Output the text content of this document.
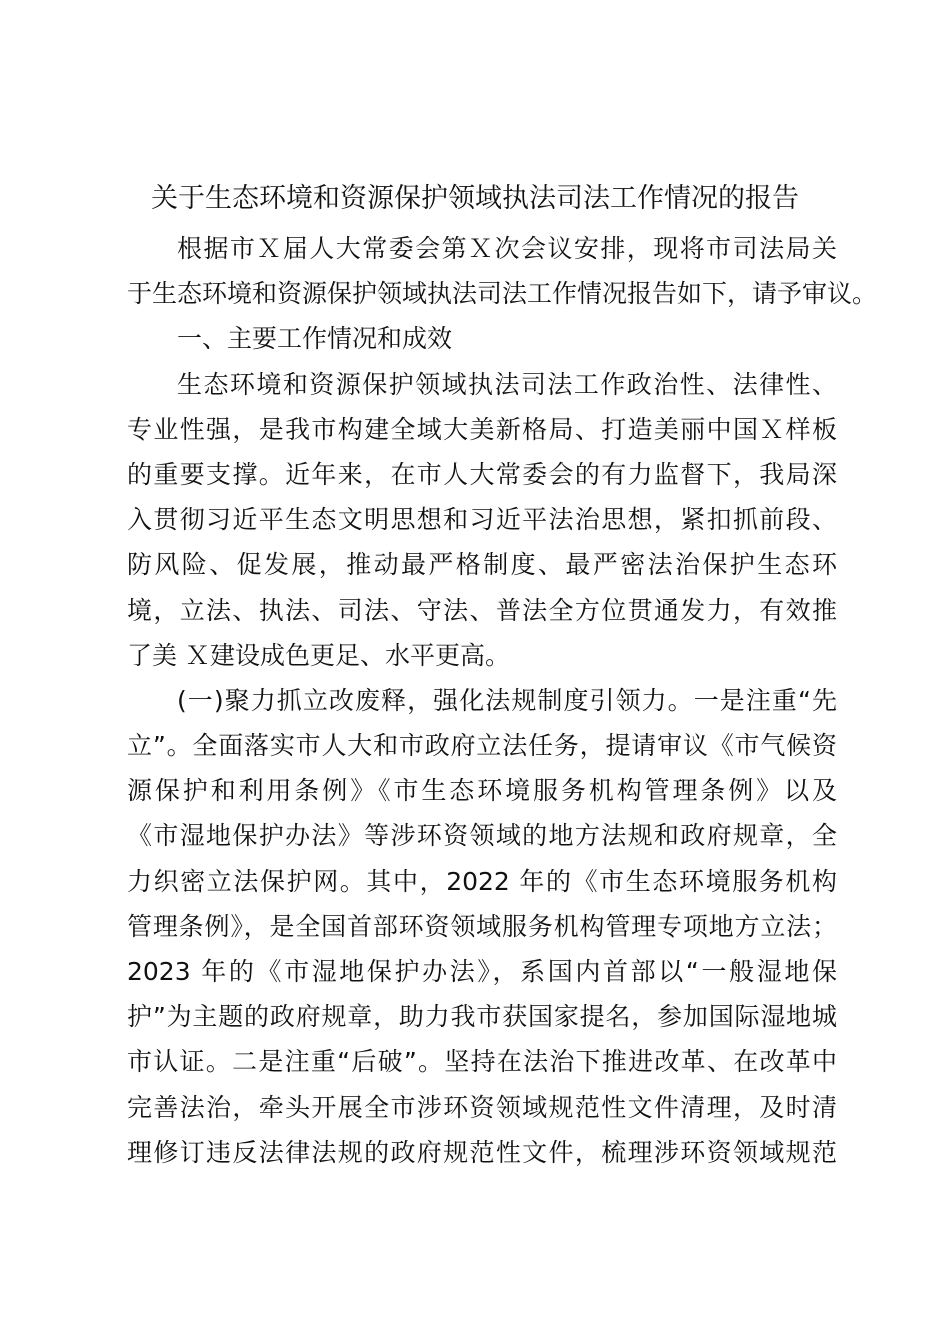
关于生态环境和资源保护领域执法司法工作情况的报告
根据市Ｘ届人大常委会第Ｘ次会议安排，现将市司法局关
于生态环境和资源保护领域执法司法工作情况报告如下，请予审议。
一、主要工作情况和成效
生态环境和资源保护领域执法司法工作政治性、法律性、
专业性强，是我市构建全域大美新格局、打造美丽中国Ｘ样板
的重要支撑。近年来，在市人大常委会的有力监督下，我局深
入贯彻习近平生态文明思想和习近平法治思想，紧扣抓前段、
防风险、促发展，推动最严格制度、最严密法治保护生态环
境，立法、执法、司法、守法、普法全方位贯通发力，有效推
了美 Ｘ建设成色更足、水平更高。
(一)聚力抓立改废释，强化法规制度引领力。一是注重“先
立”。全面落实市人大和市政府立法任务，提请审议《市气候资
源保护和利用条例》《市生态环境服务机构管理条例》以及
《市湿地保护办法》等涉环资领域的地方法规和政府规章，全
力织密立法保护网。其中，2022 年的《市生态环境服务机构
管理条例》，是全国首部环资领域服务机构管理专项地方立法；
2023 年的《市湿地保护办法》，系国内首部以“一般湿地保
护”为主题的政府规章，助力我市获国家提名，参加国际湿地城
市认证。二是注重“后破”。坚持在法治下推进改革、在改革中
完善法治，牵头开展全市涉环资领域规范性文件清理，及时清
理修订违反法律法规的政府规范性文件，梳理涉环资领域规范
